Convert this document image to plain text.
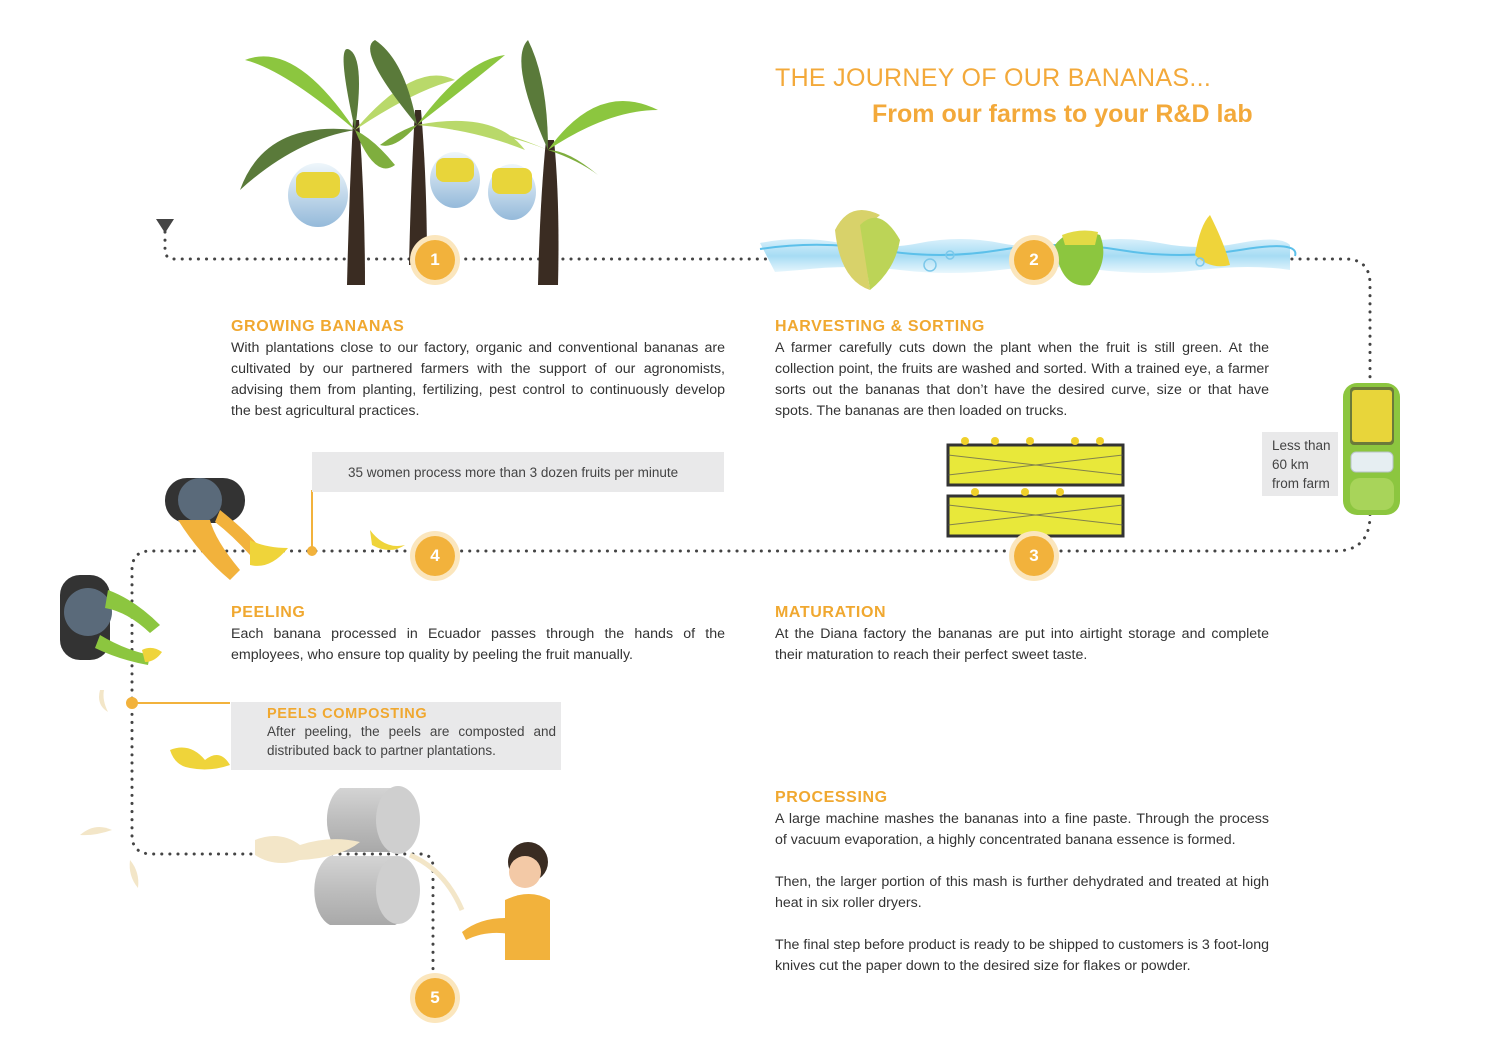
THE JOURNEY OF OUR BANANAS...
From our farms to your R&D lab
1	2
3
4
5
GROWING BANANAS

With plantations close to our factory, organic and conventional bananas are cultivated by our partnered farmers with the support of our agronomists, advising them from planting, fertilizing, pest control to continuously develop the best agricultural practices.

HARVESTING & SORTING

A farmer carefully cuts down the plant when the fruit is still green. At the collection point, the fruits are washed and sorted. With a trained eye, a farmer sorts out the bananas that don’t have the desired curve, size or that have spots. The bananas are then loaded on trucks.

MATURATION

At the Diana factory the bananas are put into airtight storage and complete their maturation to reach their perfect sweet taste.

PEELING

Each banana processed in Ecuador passes through the hands of the employees, who ensure top quality by peeling the fruit manually.

PROCESSING

A large machine mashes the bananas into a fine paste. Through the process of vacuum evaporation, a highly concentrated banana essence is formed.

Then, the larger portion of this mash is further dehydrated and treated at high heat in six roller dryers.

The final step before product is ready to be shipped to customers is 3 foot-long knives cut the paper down to the desired size for flakes or powder.

Less than 60 km from farm
35 women process more than 3 dozen fruits per minute
PEELS COMPOSTING
After peeling, the peels are composted and distributed back to partner plantations.
